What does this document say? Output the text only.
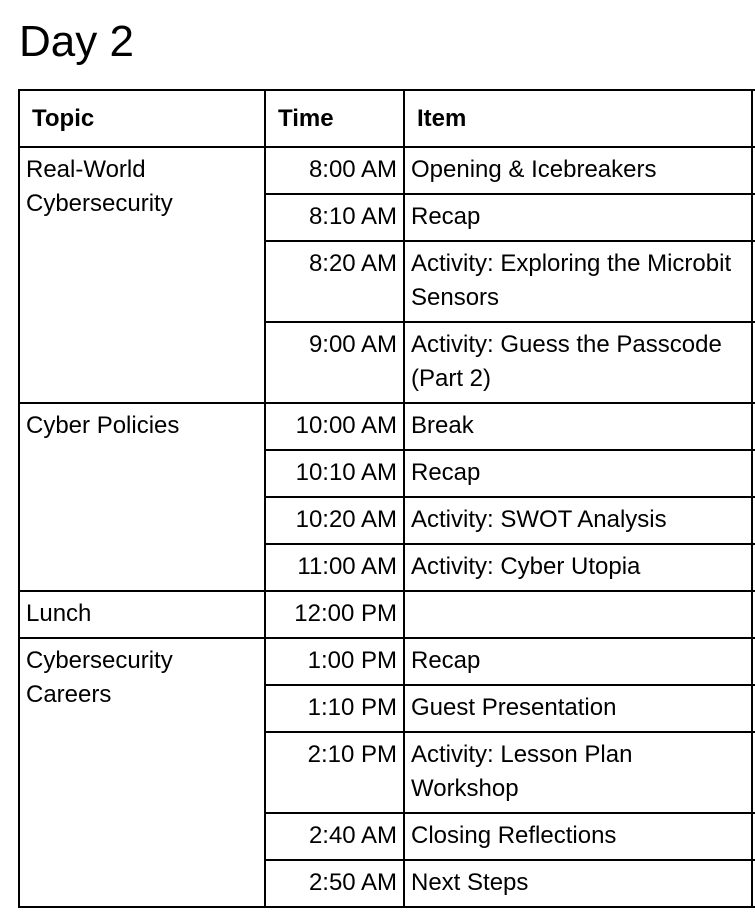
Day 2
Topic	Time	Item	
Real-World Cybersecurity	8:00 AM	Opening & Icebreakers	
	8:10 AM	Recap	
	8:20 AM	Activity: Exploring the Microbit Sensors	
	9:00 AM	Activity: Guess the Passcode (Part 2)	
Cyber Policies	10:00 AM	Break	
	10:10 AM	Recap	
	10:20 AM	Activity: SWOT Analysis	
	11:00 AM	Activity: Cyber Utopia	
Lunch	12:00 PM		
Cybersecurity Careers	1:00 PM	Recap	
	1:10 PM	Guest Presentation	
	2:10 PM	Activity: Lesson Plan Workshop	
	2:40 AM	Closing Reflections	
	2:50 AM	Next Steps	
